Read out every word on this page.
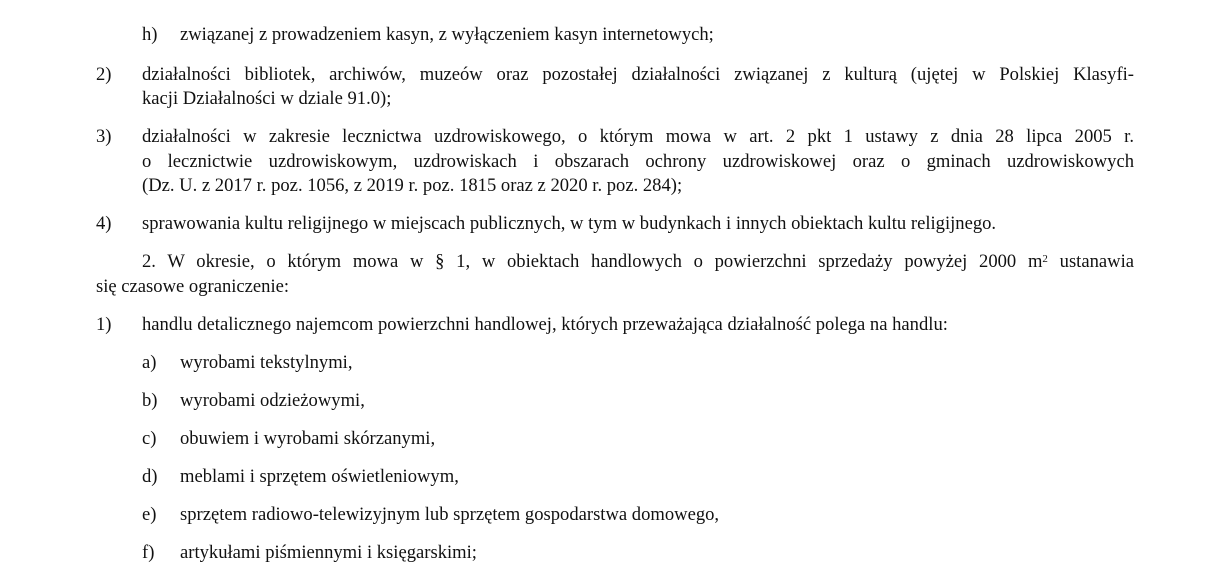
h) związanej z prowadzeniem kasyn, z wyłączeniem kasyn internetowych;
2) działalności bibliotek, archiwów, muzeów oraz pozostałej działalności związanej z kulturą (ujętej w Polskiej Klasyfi-
kacji Działalności w dziale 91.0);
3) działalności w zakresie lecznictwa uzdrowiskowego, o którym mowa w art. 2 pkt 1 ustawy z dnia 28 lipca 2005 r.
o lecznictwie uzdrowiskowym, uzdrowiskach i obszarach ochrony uzdrowiskowej oraz o gminach uzdrowiskowych
(Dz. U. z 2017 r. poz. 1056, z 2019 r. poz. 1815 oraz z 2020 r. poz. 284);
4) sprawowania kultu religijnego w miejscach publicznych, w tym w budynkach i innych obiektach kultu religijnego.
2. W okresie, o którym mowa w § 1, w obiektach handlowych o powierzchni sprzedaży powyżej 2000 $m^2$ ustanawia
się czasowe ograniczenie:
1) handlu detalicznego najemcom powierzchni handlowej, których przeważająca działalność polega na handlu:
a) wyrobami tekstylnymi,
b) wyrobami odzieżowymi,
c) obuwiem i wyrobami skórzanymi,
d) meblami i sprzętem oświetleniowym,
e) sprzętem radiowo-telewizyjnym lub sprzętem gospodarstwa domowego,
f) artykułami piśmiennymi i księgarskimi;
